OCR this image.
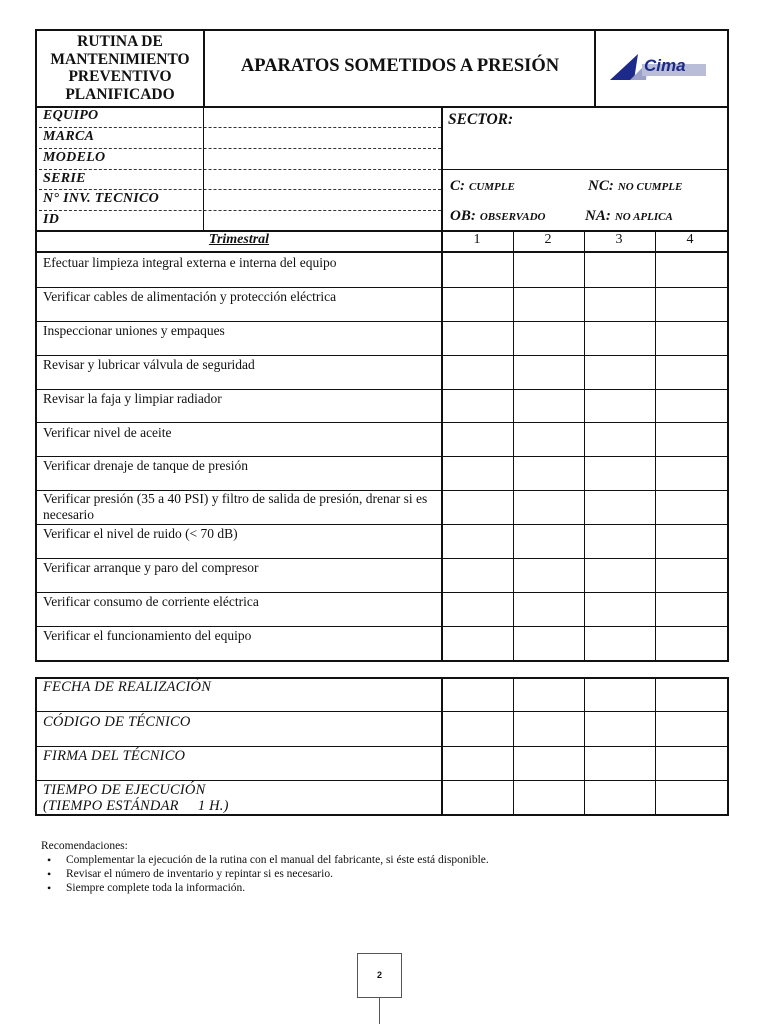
RUTINA DE MANTENIMIENTO PREVENTIVO PLANIFICADO
APARATOS SOMETIDOS A PRESIÓN	Cima
EQUIPO
MARCA
MODELO
SERIE
N° INV. TECNICO
ID
SECTOR:
C: CUMPLE	NC: NO CUMPLE
OB: OBSERVADO	NA: NO APLICA
Trimestral	1	2	3	4
Efectuar limpieza integral externa e interna del equipo
Verificar cables de alimentación y protección eléctrica
Inspeccionar uniones y empaques
Revisar y lubricar válvula de seguridad
Revisar la faja y limpiar radiador
Verificar nivel de aceite
Verificar drenaje de tanque de presión
Verificar presión (35 a 40 PSI) y filtro de salida de presión, drenar si es necesario
Verificar el nivel de ruido (< 70 dB)
Verificar arranque y paro del compresor
Verificar consumo de corriente eléctrica
Verificar el funcionamiento del equipo
FECHA DE REALIZACIÓN
CÓDIGO DE TÉCNICO
FIRMA DEL TÉCNICO
TIEMPO DE EJECUCIÓN
(TIEMPO ESTÁNDAR     1 H.)
Recomendaciones:
• Complementar la ejecución de la rutina con el manual del fabricante, si éste está disponible.
• Revisar el número de inventario y repintar si es necesario.
• Siempre complete toda la información.
2
